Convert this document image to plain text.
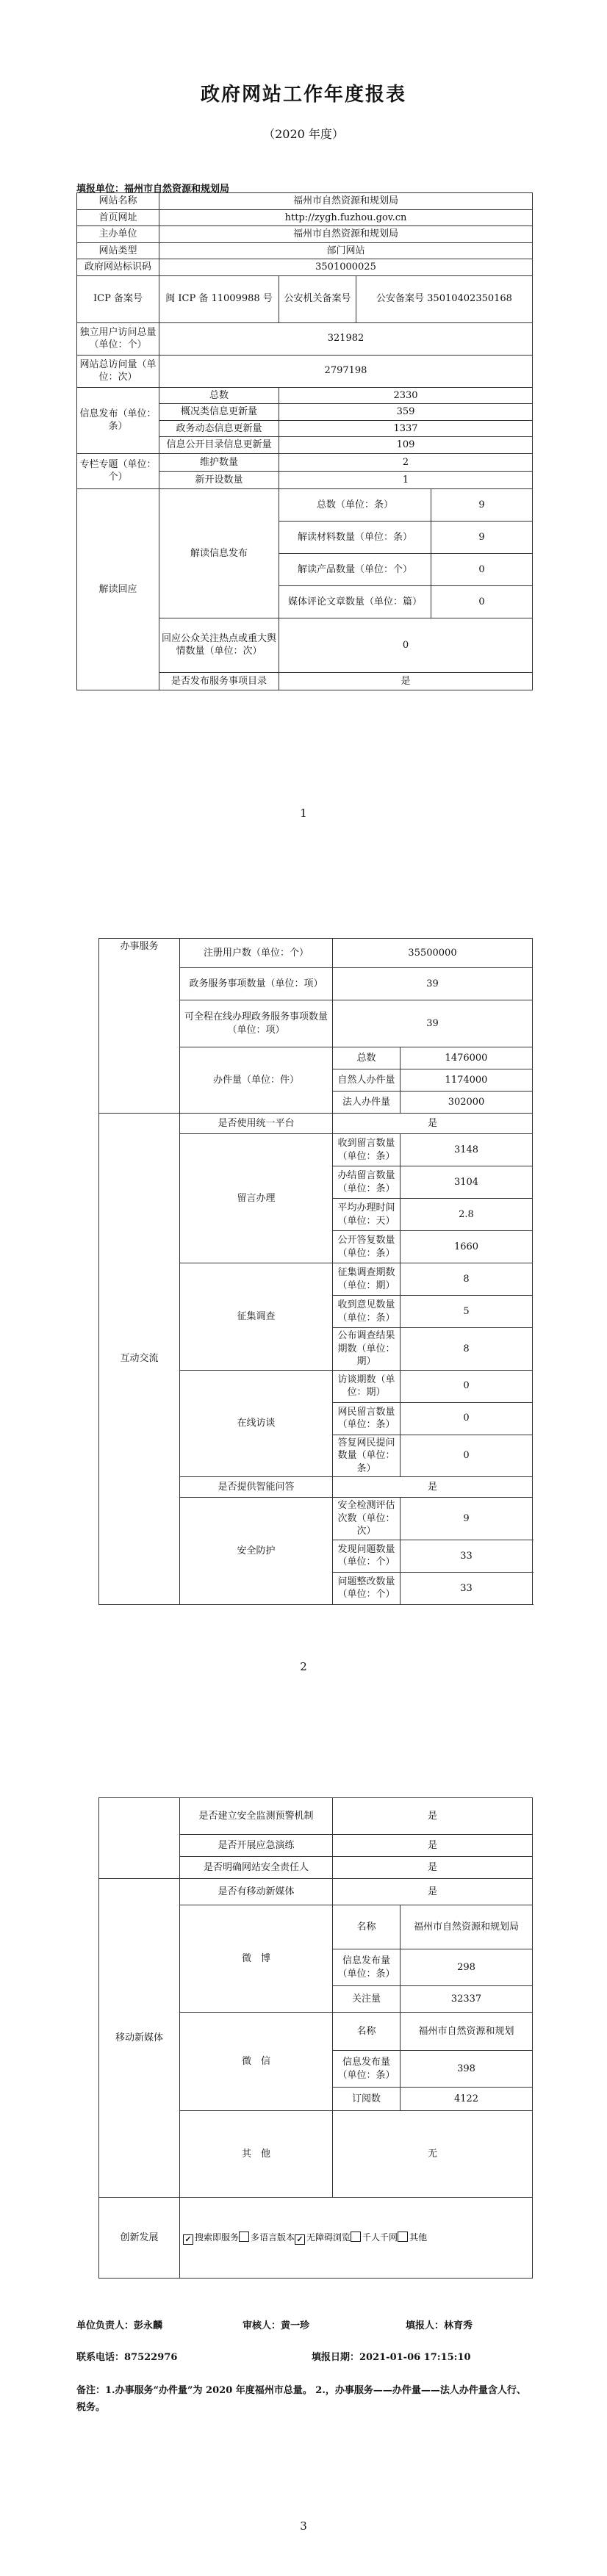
政府网站工作年度报表
（2020 年度）
填报单位：福州市自然资源和规划局
网站名称	福州市自然资源和规划局			
首页网址	http://zygh.fuzhou.gov.cn			
主办单位	福州市自然资源和规划局			
网站类型	部门网站			
政府网站标识码	3501000025			
ICP 备案号	闽 ICP 备 11009988 号	公安机关备案号	公安备案号 35010402350168	
独立用户访问总量（单位：个）	321982			
网站总访问量（单位：次）	2797198			
信息发布（单位：条）	总数	2330		
	概况类信息更新量	359		
	政务动态信息更新量	1337		
	信息公开目录信息更新量	109		
专栏专题（单位：个）	维护数量	2		
	新开设数量	1		
解读回应	解读信息发布	总数（单位：条）		9
		解读材料数量（单位：条）		9
		解读产品数量（单位：个）		0
		媒体评论文章数量（单位：篇）		0
	回应公众关注热点或重大舆情数量（单位：次）	0		
	是否发布服务事项目录	是		
1
办事服务	注册用户数（单位：个）	35500000	
	政务服务事项数量（单位：项）	39	
	可全程在线办理政务服务事项数量（单位：项）	39	
	办件量（单位：件）	总数	1476000
		自然人办件量	1174000
		法人办件量	302000
互动交流	是否使用统一平台	是	
	留言办理	收到留言数量（单位：条）	3148
		办结留言数量（单位：条）	3104
		平均办理时间（单位：天）	2.8
		公开答复数量（单位：条）	1660
	征集调查	征集调查期数（单位：期）	8
		收到意见数量（单位：条）	5
		公布调查结果期数（单位：期）	8
	在线访谈	访谈期数（单位：期）	0
		网民留言数量（单位：条）	0
		答复网民提问数量（单位：条）	0
	是否提供智能问答	是	
	安全防护	安全检测评估次数（单位：次）	9
		发现问题数量（单位：个）	33
		问题整改数量（单位：个）	33
2
	是否建立安全监测预警机制	是	
	是否开展应急演练	是	
	是否明确网站安全责任人	是	
移动新媒体	是否有移动新媒体	是	
	微　博	名称	福州市自然资源和规划局
		信息发布量（单位：条）	298
		关注量	32337
	微　信	名称	福州市自然资源和规划
		信息发布量（单位：条）	398
		订阅数	4122
	其　他	无	
创新发展	✓ 搜索即服务 多语言版本 ✓ 无障碍浏览 千人千网 其他		
单位负责人：彭永麟	审核人：黄一珍	填报人：林育秀
联系电话：87522976	填报日期：2021-01-06 17:15:10
备注：1.办事服务“办件量”为 2020 年度福州市总量。 2.，办事服务——办件量——法人办件量含人行、税务。
3
